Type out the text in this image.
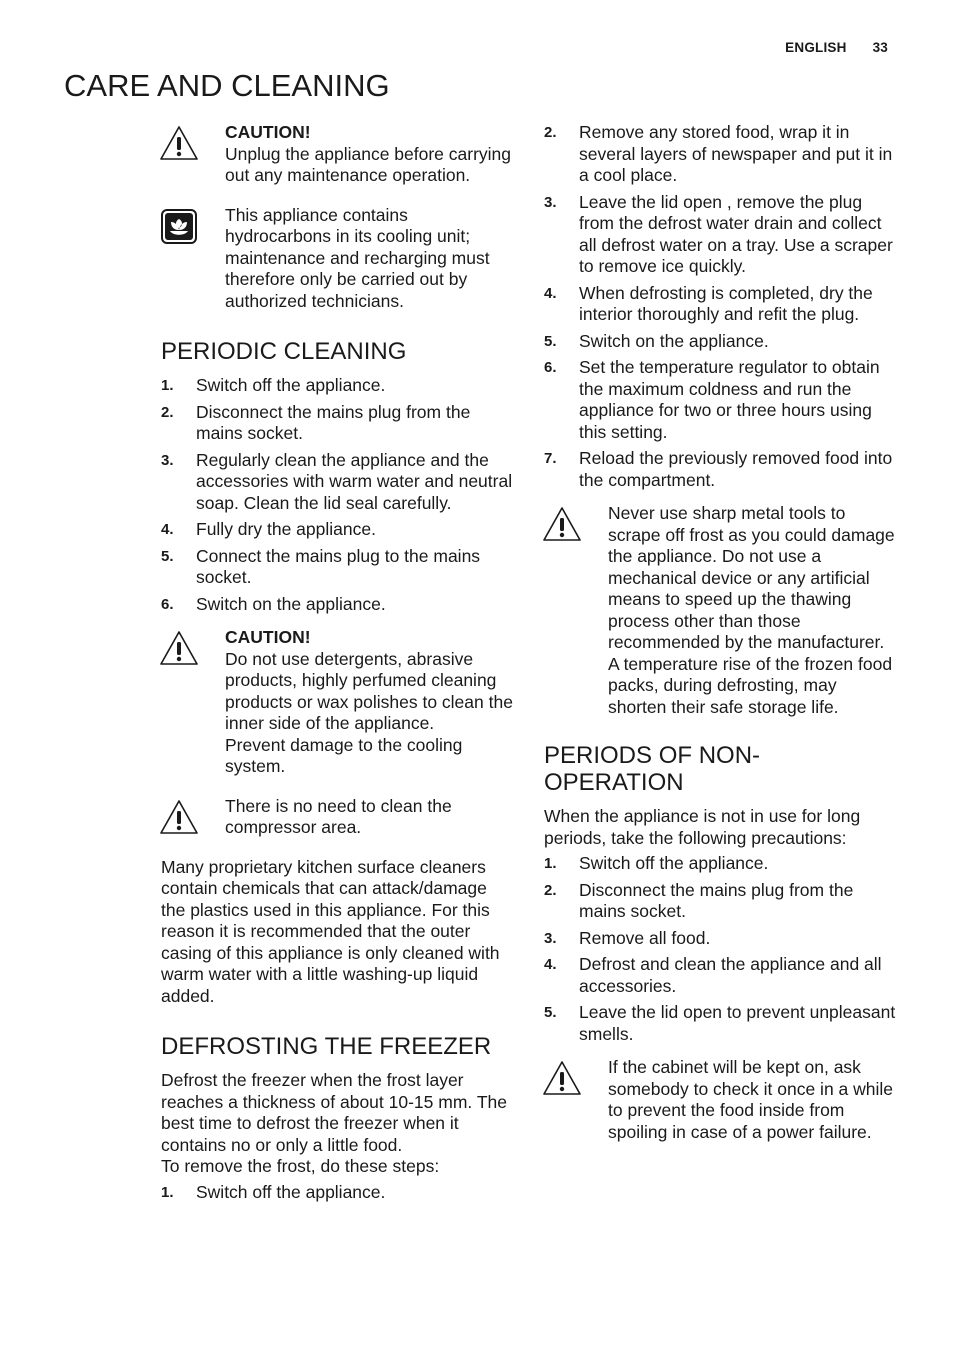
ENGLISH 33
CARE AND CLEANING
CAUTION!
Unplug the appliance before carrying out any maintenance operation.
This appliance contains hydrocarbons in its cooling unit; maintenance and recharging must therefore only be carried out by authorized technicians.
PERIODIC CLEANING
1. Switch off the appliance.
2. Disconnect the mains plug from the mains socket.
3. Regularly clean the appliance and the accessories with warm water and neutral soap. Clean the lid seal carefully.
4. Fully dry the appliance.
5. Connect the mains plug to the mains socket.
6. Switch on the appliance.
CAUTION!
Do not use detergents, abrasive products, highly perfumed cleaning products or wax polishes to clean the inner side of the appliance.
Prevent damage to the cooling system.
There is no need to clean the compressor area.

Many proprietary kitchen surface cleaners contain chemicals that can attack/damage the plastics used in this appliance. For this reason it is recommended that the outer casing of this appliance is only cleaned with warm water with a little washing-up liquid added.

DEFROSTING THE FREEZER

Defrost the freezer when the frost layer reaches a thickness of about 10-15 mm. The best time to defrost the freezer when it contains no or only a little food.

To remove the frost, do these steps:

1. Switch off the appliance.
2. Remove any stored food, wrap it in several layers of newspaper and put it in a cool place.
3. Leave the lid open , remove the plug from the defrost water drain and collect all defrost water on a tray. Use a scraper to remove ice quickly.
4. When defrosting is completed, dry the interior thoroughly and refit the plug.
5. Switch on the appliance.
6. Set the temperature regulator to obtain the maximum coldness and run the appliance for two or three hours using this setting.
7. Reload the previously removed food into the compartment.
Never use sharp metal tools to scrape off frost as you could damage the appliance. Do not use a mechanical device or any artificial means to speed up the thawing process other than those recommended by the manufacturer. A temperature rise of the frozen food packs, during defrosting, may shorten their safe storage life.
PERIODS OF NON-OPERATION

When the appliance is not in use for long periods, take the following precautions:

1. Switch off the appliance.
2. Disconnect the mains plug from the mains socket.
3. Remove all food.
4. Defrost and clean the appliance and all accessories.
5. Leave the lid open to prevent unpleasant smells.
If the cabinet will be kept on, ask somebody to check it once in a while to prevent the food inside from spoiling in case of a power failure.
